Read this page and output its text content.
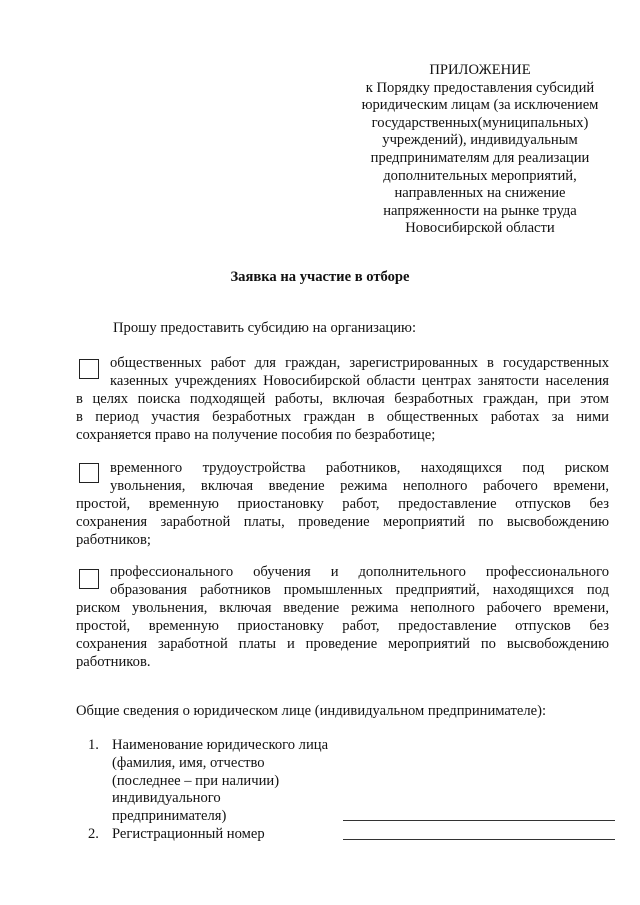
ПРИЛОЖЕНИЕ
к Порядку предоставления субсидий
юридическим лицам (за исключением
государственных(муниципальных)
учреждений), индивидуальным
предпринимателям для реализации
дополнительных мероприятий,
направленных на снижение
напряженности на рынке труда
Новосибирской области
Заявка на участие в отборе
Прошу предоставить субсидию на организацию:
общественных работ для граждан, зарегистрированных в государственных
казенных учреждениях Новосибирской области центрах занятости населения
в целях поиска подходящей работы, включая безработных граждан, при этом
в период участия безработных граждан в общественных работах за ними
сохраняется право на получение пособия по безработице;
временного трудоустройства работников, находящихся под риском
увольнения, включая введение режима неполного рабочего времени,
простой, временную приостановку работ, предоставление отпусков без
сохранения заработной платы, проведение мероприятий по высвобождению
работников;
профессионального обучения и дополнительного профессионального
образования работников промышленных предприятий, находящихся под
риском увольнения, включая введение режима неполного рабочего времени,
простой, временную приостановку работ, предоставление отпусков без
сохранения заработной платы и проведение мероприятий по высвобождению
работников.
Общие сведения о юридическом лице (индивидуальном предпринимателе):
1. Наименование юридического лица
(фамилия, имя, отчество
(последнее – при наличии)
индивидуального
предпринимателя)
2. Регистрационный номер
